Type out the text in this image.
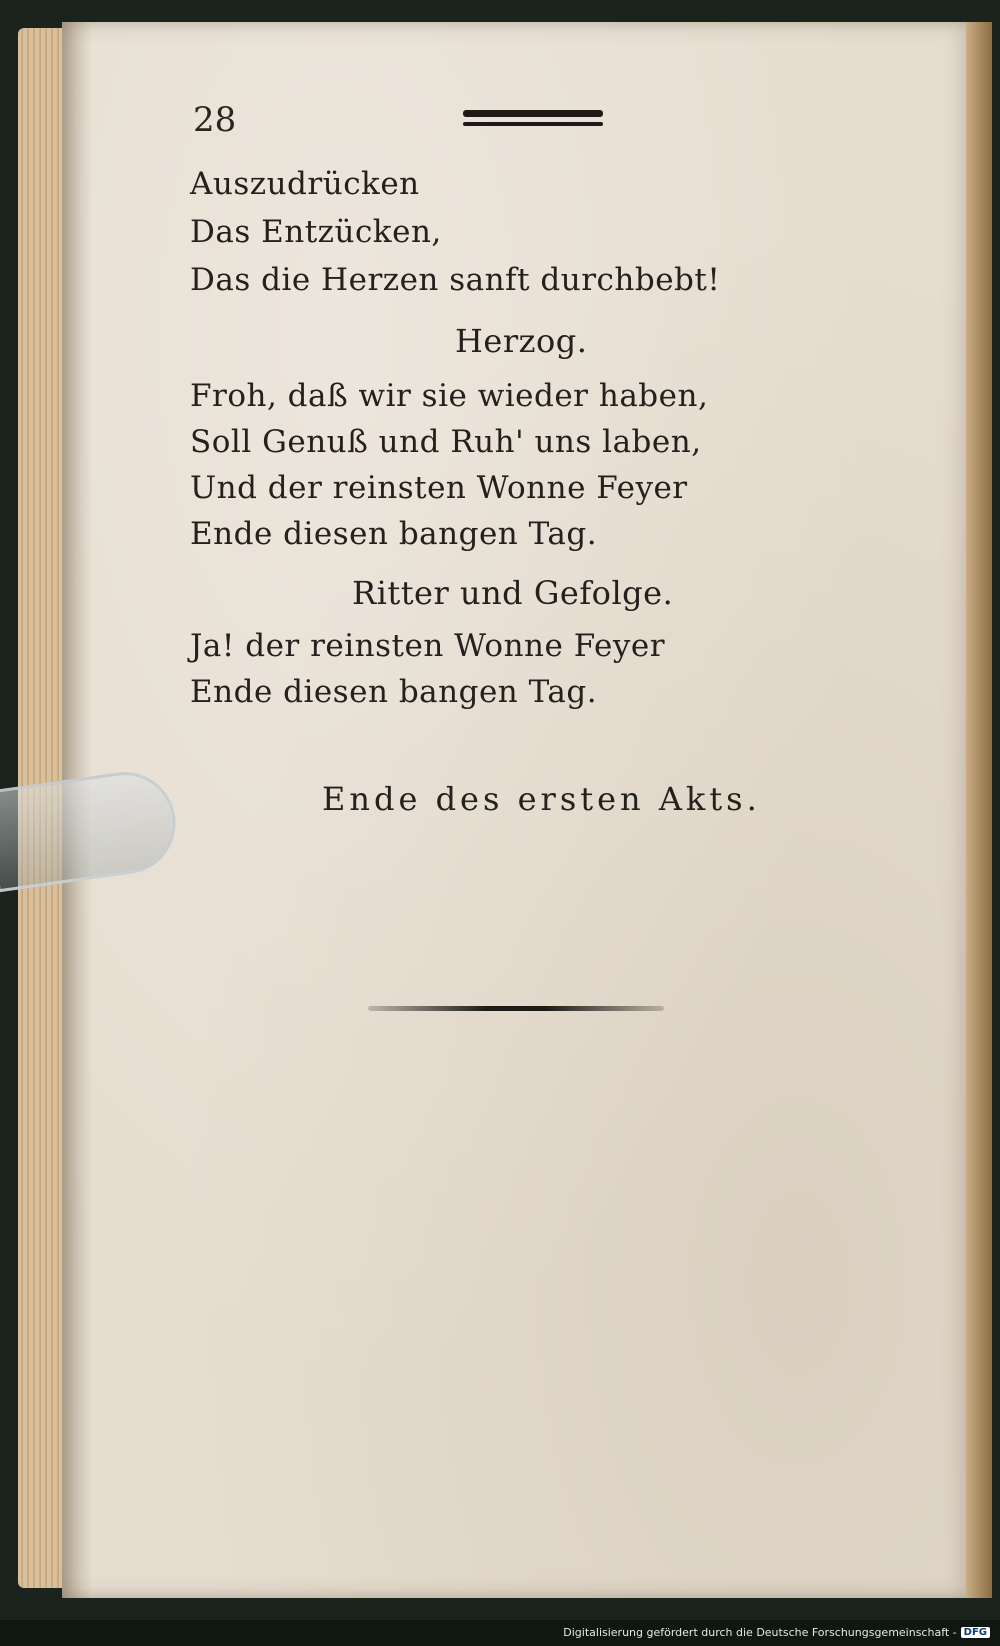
28
Auszudrücken
Das Entzücken,
Das die Herzen sanft durchbebt!
Herzog.
Froh, daß wir sie wieder haben,
Soll Genuß und Ruh' uns laben,
Und der reinsten Wonne Feyer
Ende diesen bangen Tag.
Ritter und Gefolge.
Ja! der reinsten Wonne Feyer
Ende diesen bangen Tag.
Ende des ersten Akts.
Digitalisierung gefördert durch die Deutsche Forschungsgemeinschaft - DFG
